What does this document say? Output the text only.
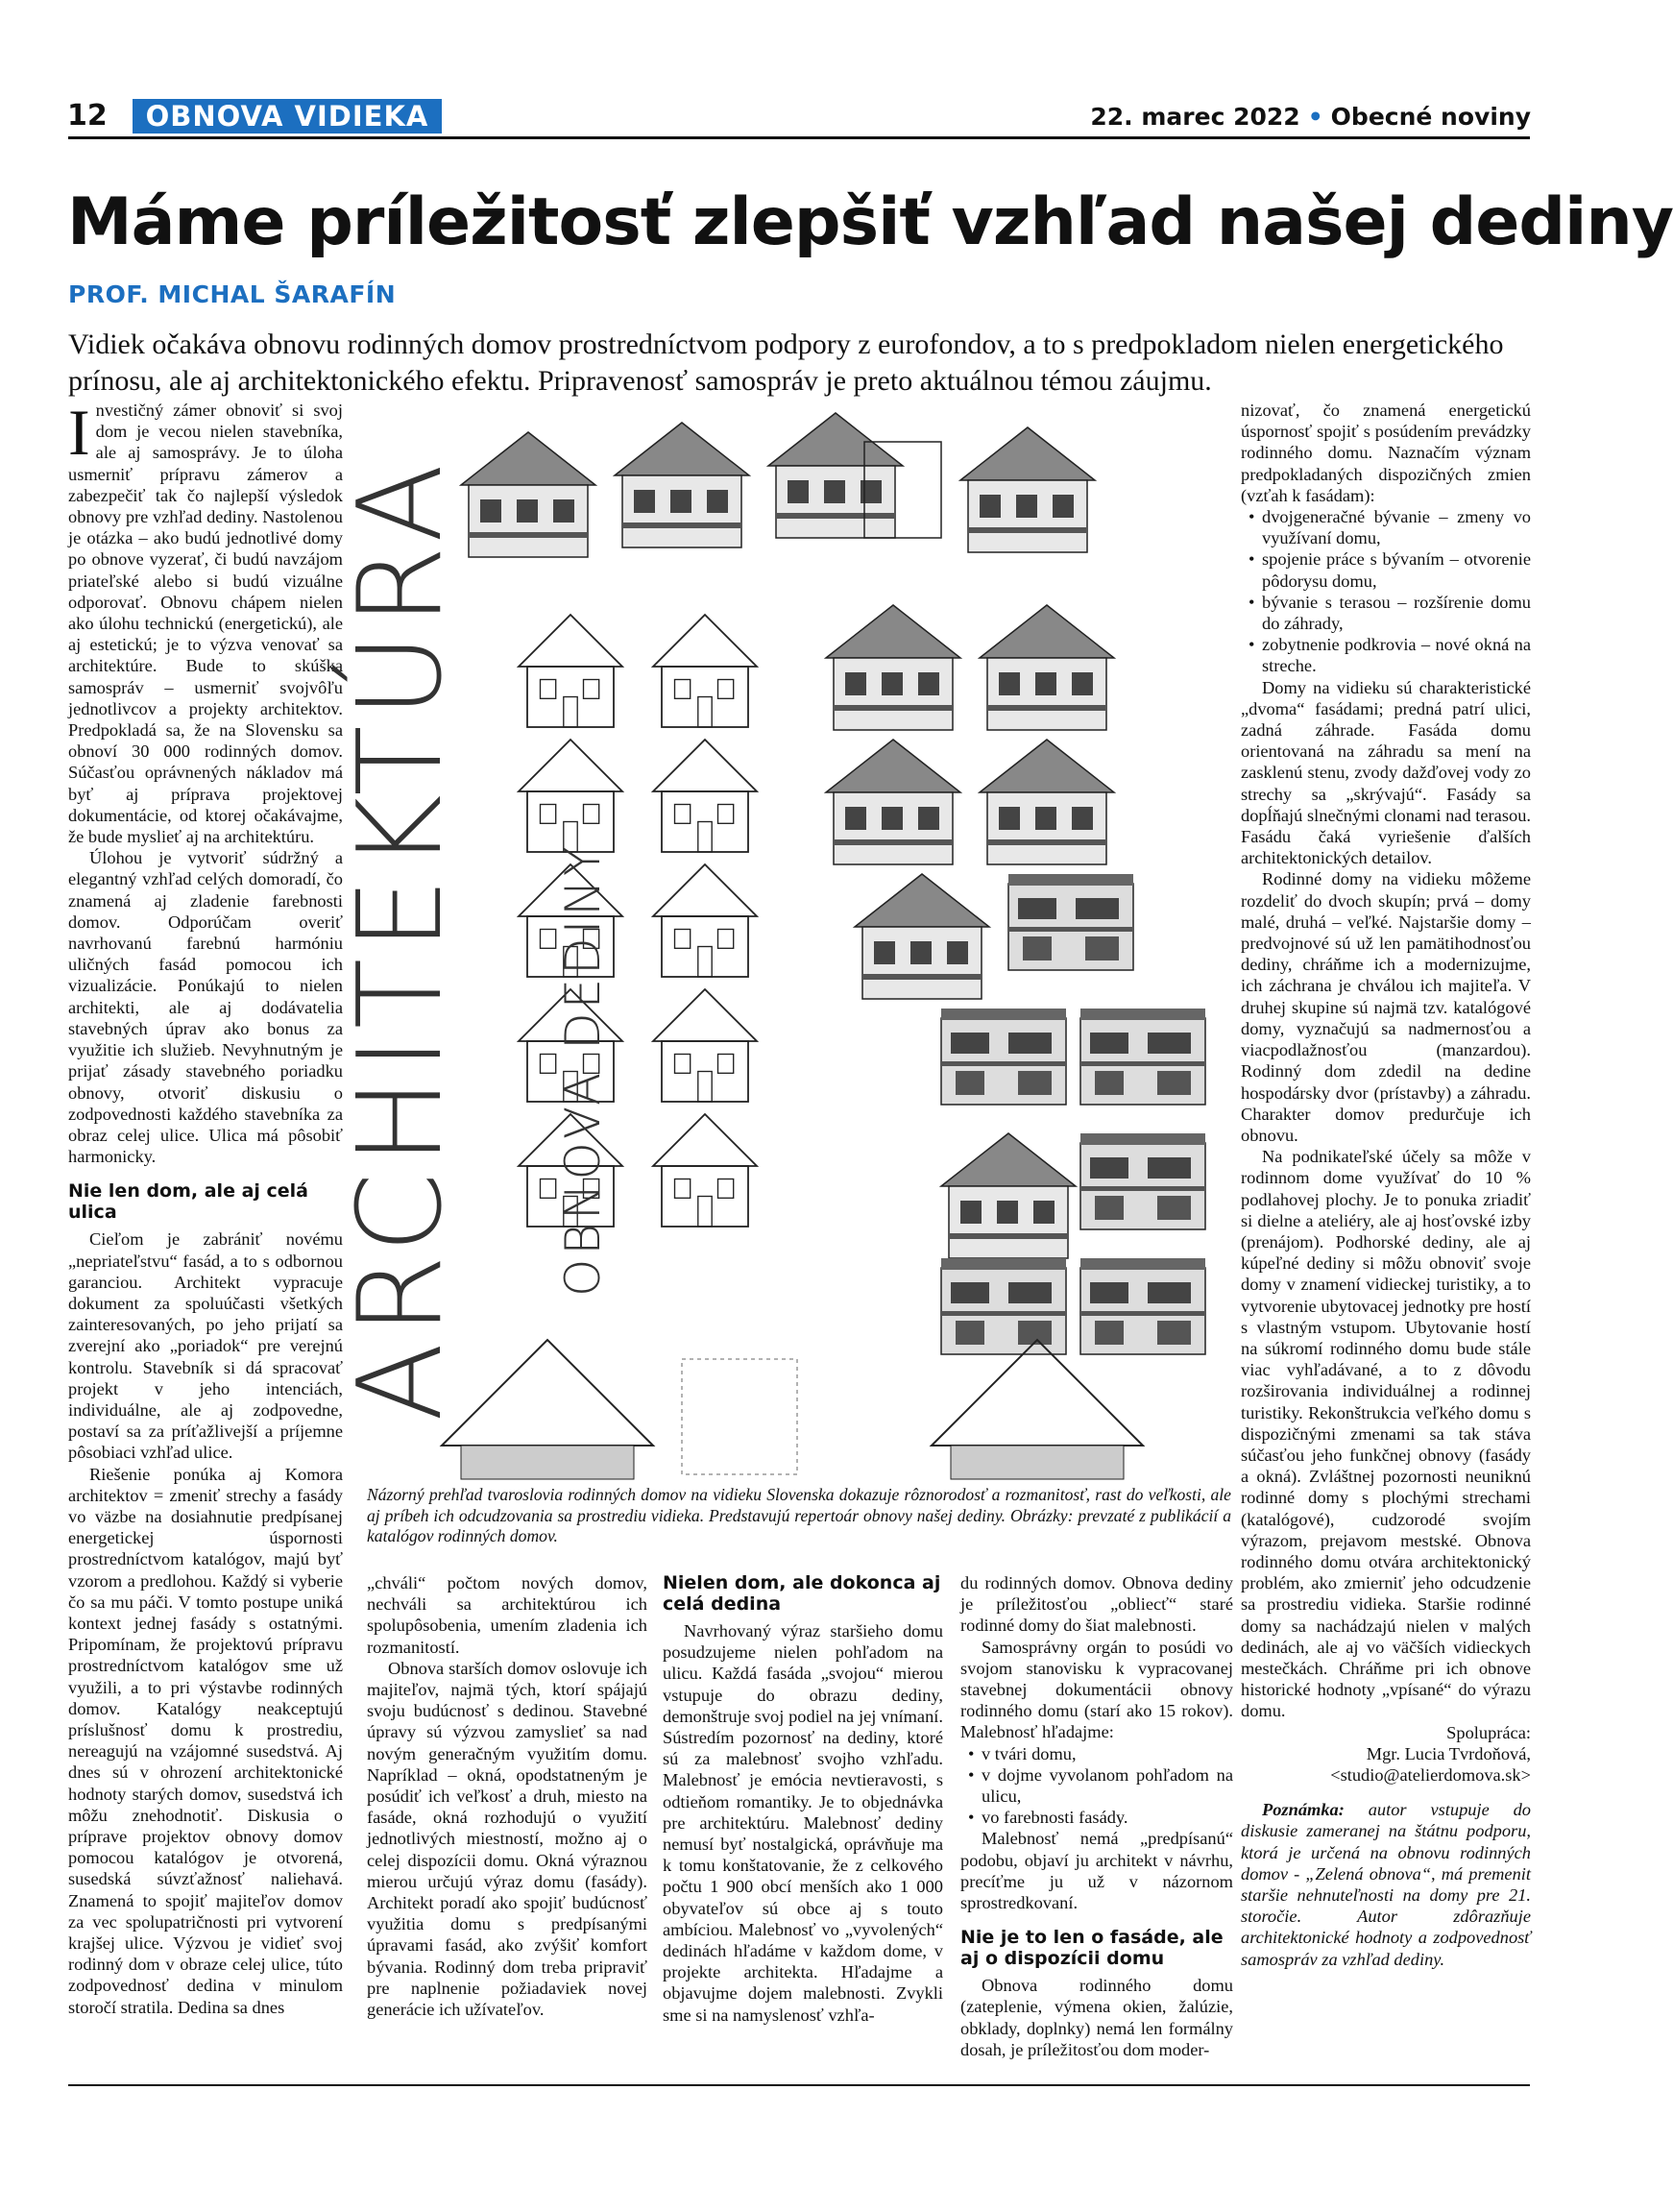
12	OBNOVA VIDIEKA	22. marec 2022 • Obecné noviny
Máme príležitosť zlepšiť vzhľad našej dediny
PROF. MICHAL ŠARAFÍN
Vidiek očakáva obnovu rodinných domov prostredníctvom podpory z eurofondov, a to s predpokladom nielen energetického prínosu, ale aj architektonického efektu. Pripravenosť samospráv je preto aktuálnou témou záujmu.

Investičný zámer obnoviť si svoj dom je vecou nielen stavebníka, ale aj samosprávy. Je to úloha usmerniť prípravu zámerov a zabezpečiť tak čo najlepší výsledok obnovy pre vzhľad dediny. Nastolenou je otázka – ako budú jednotlivé domy po obnove vyzerať, či budú navzájom priateľské alebo si budú vizuálne odporovať. Obnovu chápem nielen ako úlohu technickú (energetickú), ale aj estetickú; je to výzva venovať sa architektúre. Bude to skúška samospráv – usmerniť svojvôľu jednotlivcov a projekty architektov. Predpokladá sa, že na Slovensku sa obnoví 30 000 rodinných domov. Súčasťou oprávnených nákladov má byť aj príprava projektovej dokumentácie, od ktorej očakávajme, že bude myslieť aj na architektúru.

Úlohou je vytvoriť súdržný a elegantný vzhľad celých domoradí, čo znamená aj zladenie farebnosti domov. Odporúčam overiť navrhovanú farebnú harmóniu uličných fasád pomocou ich vizualizácie. Ponúkajú to nielen architekti, ale aj dodávatelia stavebných úprav ako bonus za využitie ich služieb. Nevyhnutným je prijať zásady stavebného poriadku obnovy, otvoriť diskusiu o zodpovednosti každého stavebníka za obraz celej ulice. Ulica má pôsobiť harmonicky.

Nie len dom, ale aj celá ulica

Cieľom je zabrániť novému „nepriateľstvu“ fasád, a to s odbornou garanciou. Architekt vypracuje dokument za spoluúčasti všetkých zainteresovaných, po jeho prijatí sa zverejní ako „poriadok“ pre verejnú kontrolu. Stavebník si dá spracovať projekt v jeho intenciách, individuálne, ale aj zodpovedne, postaví sa za príťažlivejší a príjemne pôsobiaci vzhľad ulice.

Riešenie ponúka aj Komora architektov = zmeniť strechy a fasády vo väzbe na dosiahnutie predpísanej energetickej úspornosti prostredníctvom katalógov, majú byť vzorom a predlohou. Každý si vyberie čo sa mu páči. V tomto postupe uniká kontext jednej fasády s ostatnými. Pripomínam, že projektovú prípravu prostredníctvom katalógov sme už využili, a to pri výstavbe rodinných domov. Katalógy neakceptujú príslušnosť domu k prostrediu, nereagujú na vzájomné susedstvá. Aj dnes sú v ohrození architektonické hodnoty starých domov, susedstvá ich môžu znehodnotiť. Diskusia o príprave projektov obnovy domov pomocou katalógov je otvorená, susedská súvzťažnosť naliehavá. Znamená to spojiť majiteľov domov za vec spolupatričnosti pri vytvorení krajšej ulice. Výzvou je vidieť svoj rodinný dom v obraze celej ulice, túto zodpovednosť dedina v minulom storočí stratila. Dedina sa dnes

ARCHITEKTÚRA OBNOVA DEDINY
Názorný prehľad tvaroslovia rodinných domov na vidieku Slovenska dokazuje rôznorodosť a rozmanitosť, rast do veľkosti, ale aj príbeh ich odcudzovania sa prostrediu vidieka. Predstavujú repertoár obnovy našej dediny. Obrázky: prevzaté z publikácií a katalógov rodinných domov.

„chváli“ počtom nových domov, nechváli sa architektúrou ich spolupôsobenia, umením zladenia ich rozmanitostí.

Obnova starších domov oslovuje ich majiteľov, najmä tých, ktorí spájajú svoju budúcnosť s dedinou. Stavebné úpravy sú výzvou zamyslieť sa nad novým generačným využitím domu. Napríklad – okná, opodstatneným je posúdiť ich veľkosť a druh, miesto na fasáde, okná rozhodujú o využití jednotlivých miestností, možno aj o celej dispozícii domu. Okná výraznou mierou určujú výraz domu (fasády). Architekt poradí ako spojiť budúcnosť využitia domu s predpísanými úpravami fasád, ako zvýšiť komfort bývania. Rodinný dom treba pripraviť pre naplnenie požiadaviek novej generácie ich užívateľov.

Nielen dom, ale dokonca aj celá dedina

Navrhovaný výraz staršieho domu posudzujeme nielen pohľadom na ulicu. Každá fasáda „svojou“ mierou vstupuje do obrazu dediny, demonštruje svoj podiel na jej vnímaní. Sústredím pozornosť na dediny, ktoré sú za malebnosť svojho vzhľadu. Malebnosť je emócia nevtieravosti, s odtieňom romantiky. Je to objednávka pre architektúru. Malebnosť dediny nemusí byť nostalgická, oprávňuje ma k tomu konštatovanie, že z celkového počtu 1 900 obcí menších ako 1 000 obyvateľov sú obce aj s touto ambíciou. Malebnosť vo „vyvolených“ dedinách hľadáme v každom dome, v projekte architekta. Hľadajme a objavujme dojem malebnosti. Zvykli sme si na namyslenosť vzhľa-

du rodinných domov. Obnova dediny je príležitosťou „obliecť“ staré rodinné domy do šiat malebnosti.

Samosprávny orgán to posúdi vo svojom stanovisku k vypracovanej stavebnej dokumentácii obnovy rodinného domu (starí ako 15 rokov). Malebnosť hľadajme:

• v tvári domu,
• v dojme vyvolanom pohľadom na ulicu,
• vo farebnosti fasády.

Malebnosť nemá „predpísanú“ podobu, objaví ju architekt v návrhu, precíťme ju už v názornom sprostredkovaní.

Nie je to len o fasáde, ale aj o dispozícii domu

Obnova rodinného domu (zateplenie, výmena okien, žalúzie, obklady, doplnky) nemá len formálny dosah, je príležitosťou dom moder-

nizovať, čo znamená energetickú úspornosť spojiť s posúdením prevádzky rodinného domu. Naznačím význam predpokladaných dispozičných zmien (vzťah k fasádam):

• dvojgeneračné bývanie – zmeny vo využívaní domu,
• spojenie práce s bývaním – otvorenie pôdorysu domu,
• bývanie s terasou – rozšírenie domu do záhrady,
• zobytnenie podkrovia – nové okná na streche.

Domy na vidieku sú charakteristické „dvoma“ fasádami; predná patrí ulici, zadná záhrade. Fasáda domu orientovaná na záhradu sa mení na zasklenú stenu, zvody dažďovej vody zo strechy sa „skrývajú“. Fasády sa dopĺňajú slnečnými clonami nad terasou. Fasádu čaká vyriešenie ďalších architektonických detailov.

Rodinné domy na vidieku môžeme rozdeliť do dvoch skupín; prvá – domy malé, druhá – veľké. Najstaršie domy – predvojnové sú už len pamätihodnosťou dediny, chráňme ich a modernizujme, ich záchrana je chválou ich majiteľa. V druhej skupine sú najmä tzv. katalógové domy, vyznačujú sa nadmernosťou a viacpodlažnosťou (manzardou). Rodinný dom zdedil na dedine hospodársky dvor (prístavby) a záhradu. Charakter domov predurčuje ich obnovu.

Na podnikateľské účely sa môže v rodinnom dome využívať do 10 % podlahovej plochy. Je to ponuka zriadiť si dielne a ateliéry, ale aj hosťovské izby (prenájom). Podhorské dediny, ale aj kúpeľné dediny si môžu obnoviť svoje domy v znamení vidieckej turistiky, a to vytvorenie ubytovacej jednotky pre hostí s vlastným vstupom. Ubytovanie hostí na súkromí rodinného domu bude stále viac vyhľadávané, a to z dôvodu rozširovania individuálnej a rodinnej turistiky. Rekonštrukcia veľkého domu s dispozičnými zmenami sa tak stáva súčasťou jeho funkčnej obnovy (fasády a okná). Zvláštnej pozornosti neuniknú rodinné domy s plochými strechami (katalógové), cudzorodé svojím výrazom, prejavom mestské. Obnova rodinného domu otvára architektonický problém, ako zmierniť jeho odcudzenie sa prostrediu vidieka. Staršie rodinné domy sa nachádzajú nielen v malých dedinách, ale aj vo väčších vidieckych mestečkách. Chráňme pri ich obnove historické hodnoty „vpísané“ do výrazu domu.

Spolupráca:

Mgr. Lucia Tvrdoňová,

<studio@atelierdomova.sk>

Poznámka: autor vstupuje do diskusie zameranej na štátnu podporu, ktorá je určená na obnovu rodinných domov - „Zelená obnova“, má premenit staršie nehnuteľnosti na domy pre 21. storočie. Autor zdôrazňuje architektonické hodnoty a zodpovednosť samospráv za vzhľad dediny.
